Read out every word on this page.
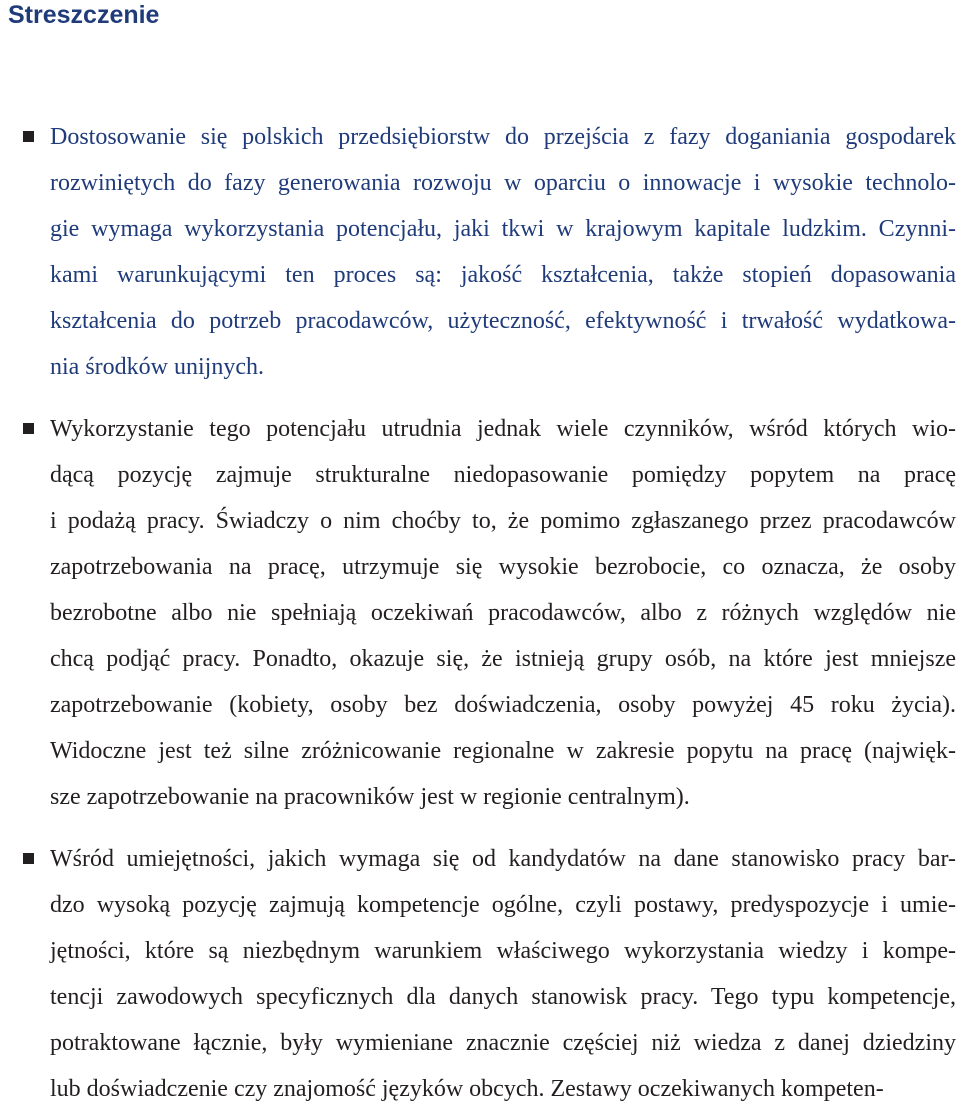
Streszczenie
Dostosowanie się polskich przedsiębiorstw do przejścia z fazy doganiania gospodarek
rozwiniętych do fazy generowania rozwoju w oparciu o innowacje i wysokie technolo-
gie wymaga wykorzystania potencjału, jaki tkwi w krajowym kapitale ludzkim. Czynni-
kami warunkującymi ten proces są: jakość kształcenia, także stopień dopasowania
kształcenia do potrzeb pracodawców, użyteczność, efektywność i trwałość wydatkowa-
nia środków unijnych.
Wykorzystanie tego potencjału utrudnia jednak wiele czynników, wśród których wio-
dącą pozycję zajmuje strukturalne niedopasowanie pomiędzy popytem na pracę
i podażą pracy. Świadczy o nim choćby to, że pomimo zgłaszanego przez pracodawców
zapotrzebowania na pracę, utrzymuje się wysokie bezrobocie, co oznacza, że osoby
bezrobotne albo nie spełniają oczekiwań pracodawców, albo z różnych względów nie
chcą podjąć pracy. Ponadto, okazuje się, że istnieją grupy osób, na które jest mniejsze
zapotrzebowanie (kobiety, osoby bez doświadczenia, osoby powyżej 45 roku życia).
Widoczne jest też silne zróżnicowanie regionalne w zakresie popytu na pracę (najwięk-
sze zapotrzebowanie na pracowników jest w regionie centralnym).
Wśród umiejętności, jakich wymaga się od kandydatów na dane stanowisko pracy bar-
dzo wysoką pozycję zajmują kompetencje ogólne, czyli postawy, predyspozycje i umie-
jętności, które są niezbędnym warunkiem właściwego wykorzystania wiedzy i kompe-
tencji zawodowych specyficznych dla danych stanowisk pracy. Tego typu kompetencje,
potraktowane łącznie, były wymieniane znacznie częściej niż wiedza z danej dziedziny
lub doświadczenie czy znajomość języków obcych. Zestawy oczekiwanych kompeten-
